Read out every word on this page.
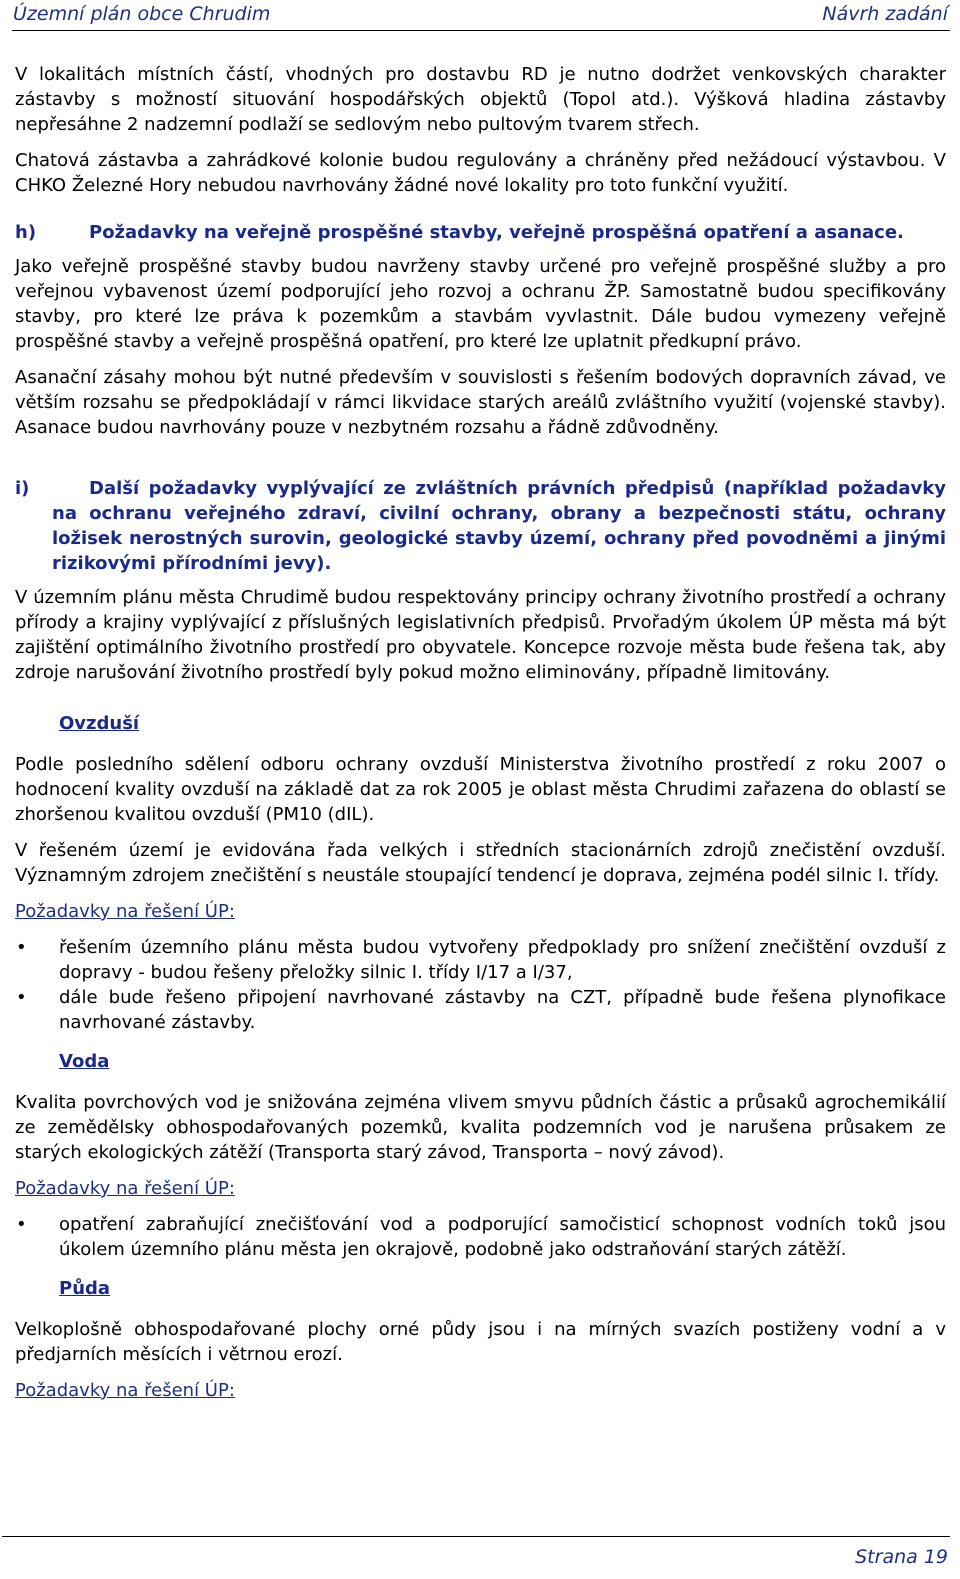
Územní plán obce Chrudim	Návrh zadání

V lokalitách místních částí, vhodných pro dostavbu RD je nutno dodržet venkovských charakter zástavby s možností situování hospodářských objektů (Topol atd.). Výšková hladina zástavby nepřesáhne 2 nadzemní podlaží se sedlovým nebo pultovým tvarem střech.

Chatová zástavba a zahrádkové kolonie budou regulovány a chráněny před nežádoucí výstavbou. V CHKO Železné Hory nebudou navrhovány žádné nové lokality pro toto funkční využití.

h)	Požadavky na veřejně prospěšné stavby, veřejně prospěšná opatření a asanace.

Jako veřejně prospěšné stavby budou navrženy stavby určené pro veřejně prospěšné služby a pro veřejnou vybavenost území podporující jeho rozvoj a ochranu ŽP. Samostatně budou specifikovány stavby, pro které lze práva k pozemkům a stavbám vyvlastnit. Dále budou vymezeny veřejně prospěšné stavby a veřejně prospěšná opatření, pro které lze uplatnit předkupní právo.

Asanační zásahy mohou být nutné především v souvislosti s řešením bodových dopravních závad, ve větším rozsahu se předpokládají v rámci likvidace starých areálů zvláštního využití (vojenské stavby). Asanace budou navrhovány pouze v nezbytném rozsahu a řádně zdůvodněny.

i)	Další požadavky vyplývající ze zvláštních právních předpisů (například požadavky
na ochranu veřejného zdraví, civilní ochrany, obrany a bezpečnosti státu, ochrany ložisek nerostných surovin, geologické stavby území, ochrany před povodněmi a jinými rizikovými přírodními jevy).

V územním plánu města Chrudimě budou respektovány principy ochrany životního prostředí a ochrany přírody a krajiny vyplývající z příslušných legislativních předpisů. Prvořadým úkolem ÚP města má být zajištění optimálního životního prostředí pro obyvatele. Koncepce rozvoje města bude řešena tak, aby zdroje narušování životního prostředí byly pokud možno eliminovány, případně limitovány.

Ovzduší

Podle posledního sdělení odboru ochrany ovzduší Ministerstva životního prostředí z roku 2007 o hodnocení kvality ovzduší na základě dat za rok 2005 je oblast města Chrudimi zařazena do oblastí se zhoršenou kvalitou ovzduší (PM10 (dIL).

V řešeném území je evidována řada velkých i středních stacionárních zdrojů znečistění ovzduší. Významným zdrojem znečištění s neustále stoupající tendencí je doprava, zejména podél silnic I. třídy.

Požadavky na řešení ÚP:
• řešením územního plánu města budou vytvořeny předpoklady pro snížení znečištění ovzduší z dopravy - budou řešeny přeložky silnic I. třídy I/17 a I/37,
• dále bude řešeno připojení navrhované zástavby na CZT, případně bude řešena plynofikace navrhované zástavby.
Voda

Kvalita povrchových vod je snižována zejména vlivem smyvu půdních částic a průsaků agrochemikálií ze zemědělsky obhospodařovaných pozemků, kvalita podzemních vod je narušena průsakem ze starých ekologických zátěží (Transporta starý závod, Transporta – nový závod).

Požadavky na řešení ÚP:
• opatření zabraňující znečišťování vod a podporující samočisticí schopnost vodních toků jsou úkolem územního plánu města jen okrajově, podobně jako odstraňování starých zátěží.
Půda

Velkoplošně obhospodařované plochy orné půdy jsou i na mírných svazích postiženy vodní a v předjarních měsících i větrnou erozí.

Požadavky na řešení ÚP:
Strana 19
